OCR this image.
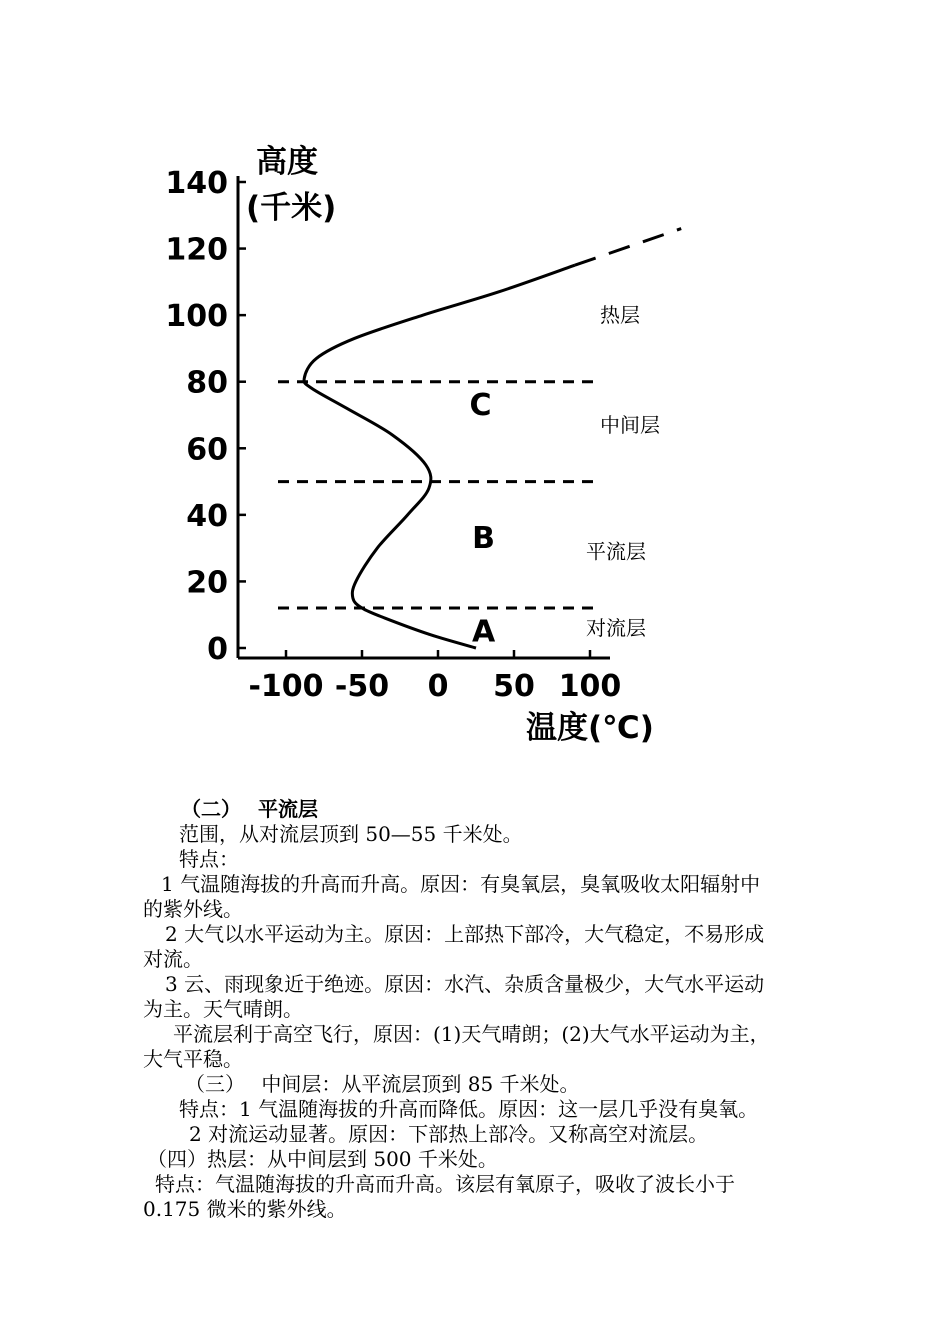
0
20
40
60
80
100
120
140
-100 -50 0 50 100
A
B
C
热层
中间层
平流层
对流层
高度
(千米)
温度(℃)

（二）　 平流层

范围，从对流层顶到 50—55 千米处。

特点：

1 气温随海拔的升高而升高。原因：有臭氧层，臭氧吸收太阳辐射中

的紫外线。

2 大气以水平运动为主。原因：上部热下部冷，大气稳定，不易形成

对流。

3 云、雨现象近于绝迹。原因：水汽、杂质含量极少，大气水平运动

为主。天气晴朗。

平流层利于高空飞行，原因：(1)天气晴朗；(2)大气水平运动为主，

大气平稳。

（三）　 中间层：从平流层顶到 85 千米处。

特点：1 气温随海拔的升高而降低。原因：这一层几乎没有臭氧。

2 对流运动显著。原因：下部热上部冷。又称高空对流层。

（四）热层：从中间层到 500 千米处。

特点：气温随海拔的升高而升高。该层有氧原子，吸收了波长小于

0.175 微米的紫外线。
